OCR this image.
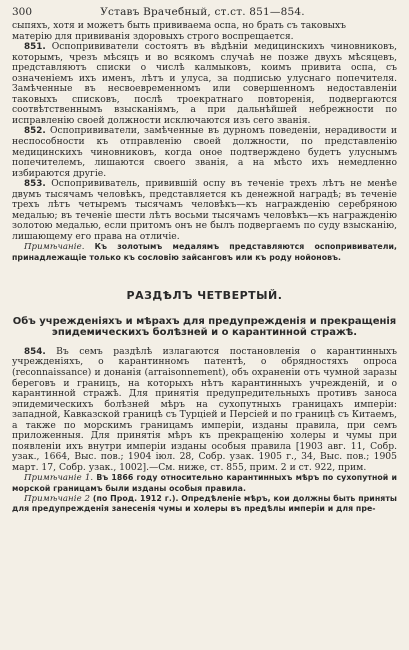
300	Уставъ Врачебный, ст.ст. 851—854.

сыпяхъ, хотя и можетъ быть прививаема оспа, но брать съ таковыхъ

матерію для прививанія здоровыхъ строго воспрещается.

851. Оспопрививатели состоятъ въ вѣдѣніи медицинскихъ чиновниковъ, которымъ, чрезъ мѣсяцъ и во всякомъ случаѣ не позже двухъ мѣсяцевъ, представляютъ списки о числѣ калмыковъ, коимъ привита оспа, съ означеніемъ ихъ именъ, лѣтъ и улуса, за подписью улуснаго попечителя. Замѣченные въ несвоевременномъ или совершенномъ недоставленіи таковыхъ списковъ, послѣ троекратнаго повторенія, подвергаются соотвѣтственнымъ взысканіямъ, а при дальнѣйшей небрежности по исправленію своей должности исключаются изъ сего званія.

852. Оспопрививатели, замѣченные въ дурномъ поведеніи, нерадивости и неспособности къ отправленію своей должности, по представленію медицинскихъ чиновниковъ, когда оное подтверждено будетъ улуснымъ попечителемъ, лишаются своего званія, а на мѣсто ихъ немедленно избираются другіе.

853. Оспопрививатель, привившій оспу въ теченіе трехъ лѣтъ не менѣе двумъ тысячамъ человѣкъ, представляется къ денежной наградѣ; въ теченіе трехъ лѣтъ четыремъ тысячамъ человѣкъ—къ награжденію серебряною медалью; въ теченіе шести лѣтъ восьми тысячамъ человѣкъ—къ награжденію золотою медалью, если притомъ онъ не былъ подвергаемъ по суду взысканію, лишающему его права на отличіе.

Примѣчаніе. Къ золотымъ медалямъ представляются оспопрививатели, принадлежащіе только къ сословію зайсанговъ или къ роду нойоновъ.

РАЗДѢЛЪ ЧЕТВЕРТЫЙ.
Объ учрежденіяхъ и мѣрахъ для предупрежденія и прекращенія эпидемическихъ болѣзней и о карантинной стражѣ.

854. Въ семъ раздѣлѣ излагаются постановленія о карантинныхъ учрежденіяхъ, о карантинномъ патентѣ, о обрядностяхъ опроса (reconnaissance) и донанія (arraisonnement), объ охраненіи отъ чумной заразы береговъ и границъ, на которыхъ нѣтъ карантинныхъ учрежденій, и о карантинной стражѣ. Для принятія предупредительныхъ противъ заноса эпидемическихъ болѣзней мѣръ на сухопутныхъ границахъ имперіи: западной, Кавказской границѣ съ Турціей и Персіей и по границѣ съ Китаемъ, а также по морскимъ границамъ имперіи, изданы правила, при семъ приложенныя. Для принятія мѣръ къ прекращенію холеры и чумы при появленіи ихъ внутри имперіи изданы особыя правила [1903 авг. 11, Собр. узак., 1664, Выс. пов.; 1904 іюл. 28, Собр. узак. 1905 г., 34, Выс. пов.; 1905 март. 17, Собр. узак., 1002].—См. ниже, ст. 855, прим. 2 и ст. 922, прим.

Примѣчаніе 1. Въ 1866 году относительно карантинныхъ мѣръ по сухопутной и морской границамъ были изданы особыя правила.

Примѣчаніе 2 (по Прод. 1912 г.). Опредѣленіе мѣръ, кои должны быть приняты для предупрежденія занесенія чумы и холеры въ предѣлы имперіи и для пре-
